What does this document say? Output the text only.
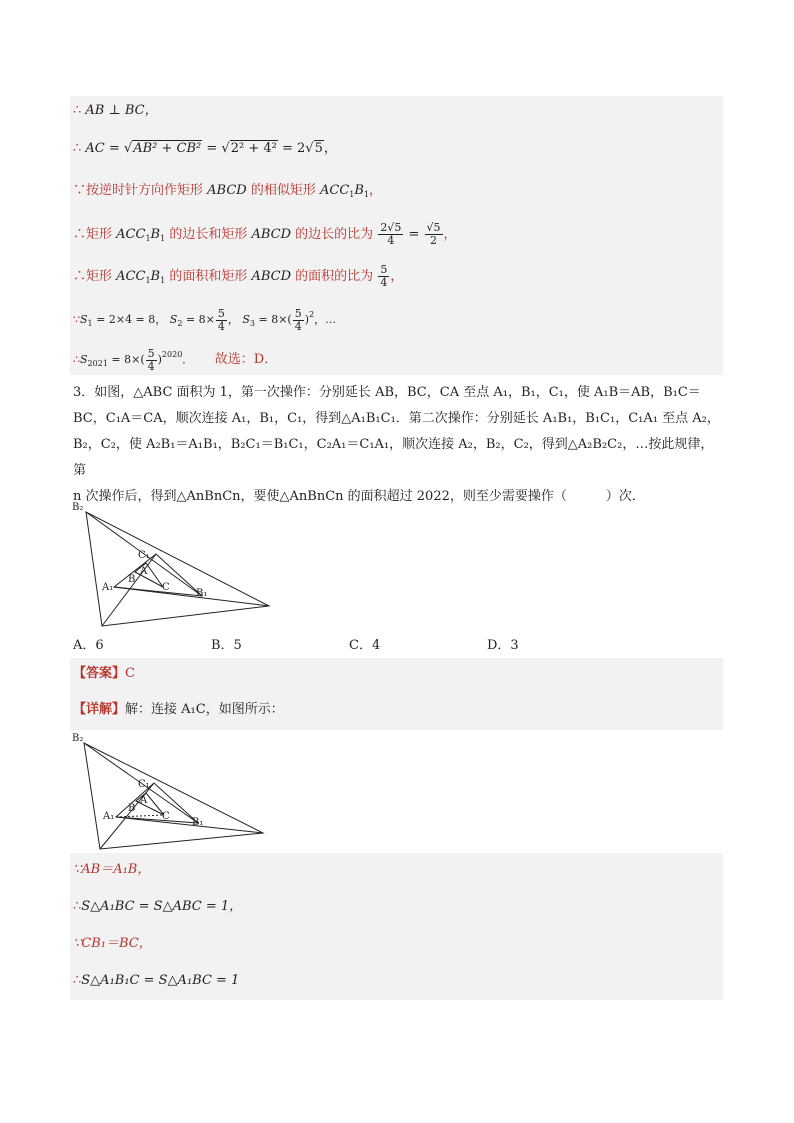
∴ AB ⊥ BC，
∴ AC = √AB² + CB² = √2² + 4² = 2√5，
∵按逆时针方向作矩形 ABCD 的相似矩形 $ACC_1B_1$，
∴矩形 $ACC_1B_1$ 的边长和矩形 ABCD 的边长的比为 $\frac{2√5}{4} = \frac{√5}{2}$ ，
∴矩形 $ACC_1B_1$ 的面积和矩形 ABCD 的面积的比为 $\frac{5}{4}$ ，
$\because S_1 = 2\times 4 = 8$， $S_2 = 8\times \frac{5}{4}$ ， $S_3 = 8\times( \frac{5}{4} )^2$，…
$\therefore S_{2021} = 8\times( \frac{5}{4} )^{2020}$． 故选：D．
3．如图，△ABC 面积为 1，第一次操作：分别延长 AB，BC，CA 至点 A₁，B₁，C₁，使 A₁B＝AB，B₁C＝
BC，C₁A＝CA，顺次连接 A₁，B₁，C₁，得到△A₁B₁C₁．第二次操作：分别延长 A₁B₁，B₁C₁，C₁A₁ 至点 A₂，
B₂，C₂，使 A₂B₁＝A₁B₁，B₂C₁＝B₁C₁，C₂A₁＝C₁A₁，顺次连接 A₂，B₂，C₂，得到△A₂B₂C₂，…按此规律，第
n 次操作后，得到△AnBnCn，要使△AnBnCn 的面积超过 2022，则至少需要操作（　　　）次．
B₂
C₁
A
B
A₁	C
B₁
A．6	B．5	C．4	D．3
【答案】C
【详解】解：连接 A₁C，如图所示：
B₂
C₁
A
B
A₁	C
B₁
∵AB＝A₁B，
∴S△A₁BC = S△ABC = 1，
∵CB₁＝BC，
∴S△A₁B₁C = S△A₁BC = 1
